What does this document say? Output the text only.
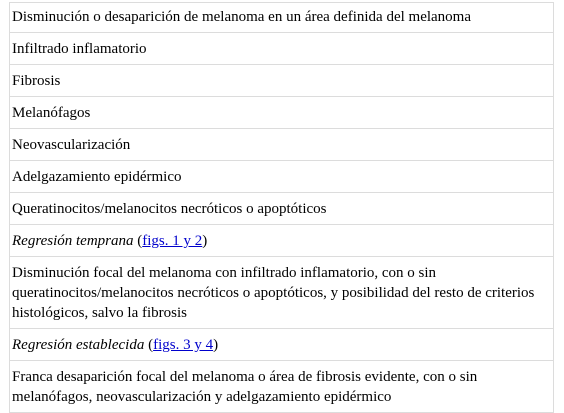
Disminución o desaparición de melanoma en un área definida del melanoma
Infiltrado inflamatorio
Fibrosis
Melanófagos
Neovascularización
Adelgazamiento epidérmico
Queratinocitos/melanocitos necróticos o apoptóticos
Regresión temprana (figs. 1 y 2)
Disminución focal del melanoma con infiltrado inflamatorio, con o sin queratinocitos/melanocitos necróticos o apoptóticos, y posibilidad del resto de criterios histológicos, salvo la fibrosis
Regresión establecida (figs. 3 y 4)
Franca desaparición focal del melanoma o área de fibrosis evidente, con o sin melanófagos, neovascularización y adelgazamiento epidérmico
